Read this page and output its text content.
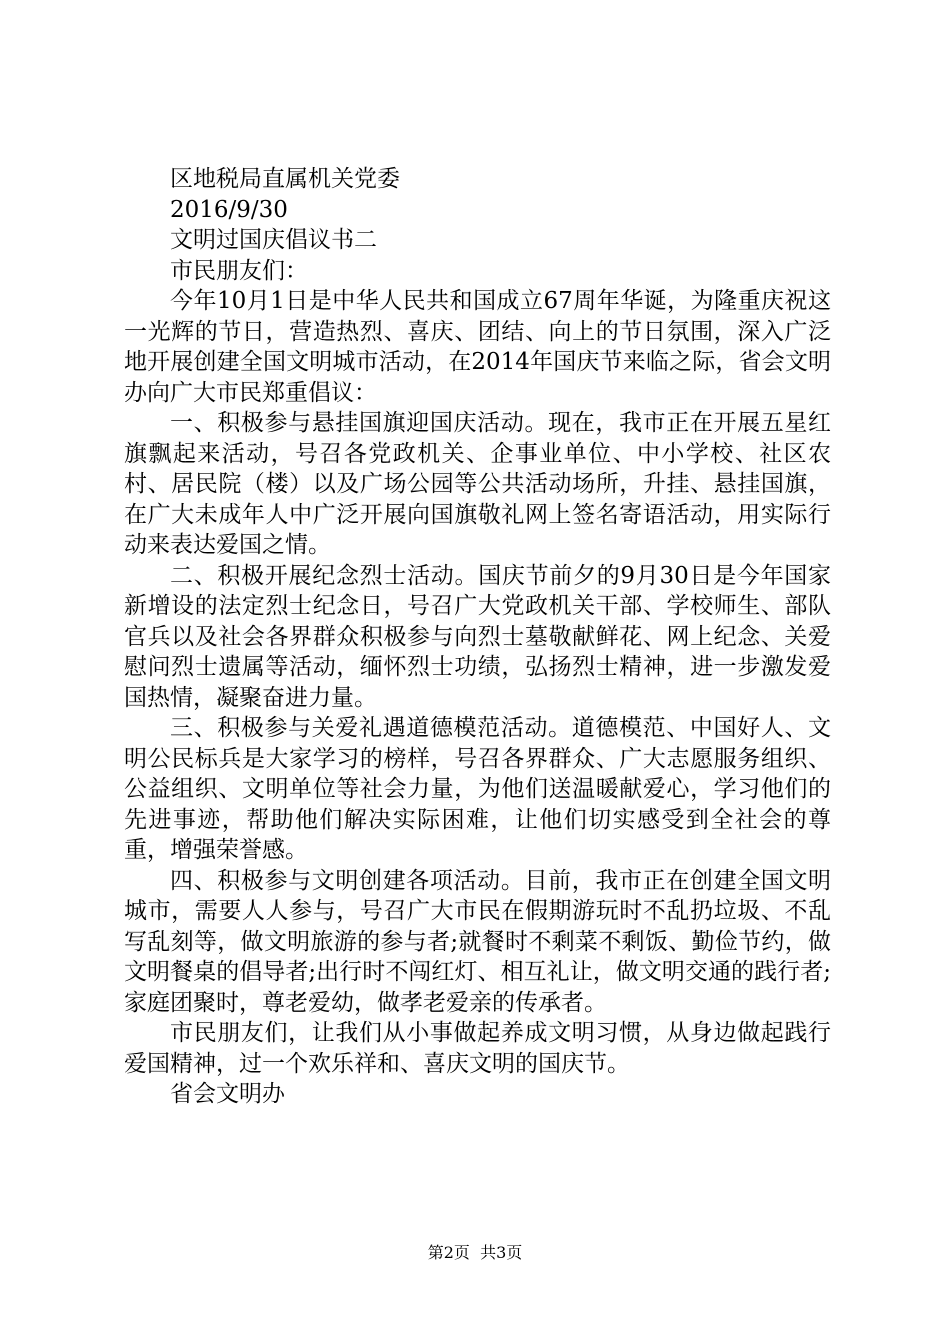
区地税局直属机关党委

2016/9/30

文明过国庆倡议书二

市民朋友们：

今年10月1日是中华人民共和国成立67周年华诞，为隆重庆祝这一光辉的节日，营造热烈、喜庆、团结、向上的节日氛围，深入广泛地开展创建全国文明城市活动，在2014年国庆节来临之际，省会文明办向广大市民郑重倡议：

一、积极参与悬挂国旗迎国庆活动。现在，我市正在开展五星红旗飘起来活动，号召各党政机关、企事业单位、中小学校、社区农村、居民院（楼）以及广场公园等公共活动场所，升挂、悬挂国旗，在广大未成年人中广泛开展向国旗敬礼网上签名寄语活动，用实际行动来表达爱国之情。

二、积极开展纪念烈士活动。国庆节前夕的9月30日是今年国家新增设的法定烈士纪念日，号召广大党政机关干部、学校师生、部队官兵以及社会各界群众积极参与向烈士墓敬献鲜花、网上纪念、关爱慰问烈士遗属等活动，缅怀烈士功绩，弘扬烈士精神，进一步激发爱国热情，凝聚奋进力量。

三、积极参与关爱礼遇道德模范活动。道德模范、中国好人、文明公民标兵是大家学习的榜样，号召各界群众、广大志愿服务组织、公益组织、文明单位等社会力量，为他们送温暖献爱心，学习他们的先进事迹，帮助他们解决实际困难，让他们切实感受到全社会的尊重，增强荣誉感。

四、积极参与文明创建各项活动。目前，我市正在创建全国文明城市，需要人人参与，号召广大市民在假期游玩时不乱扔垃圾、不乱写乱刻等，做文明旅游的参与者;就餐时不剩菜不剩饭、勤俭节约，做文明餐桌的倡导者;出行时不闯红灯、相互礼让，做文明交通的践行者;家庭团聚时，尊老爱幼，做孝老爱亲的传承者。

市民朋友们，让我们从小事做起养成文明习惯，从身边做起践行爱国精神，过一个欢乐祥和、喜庆文明的国庆节。

省会文明办

第2页  共3页
